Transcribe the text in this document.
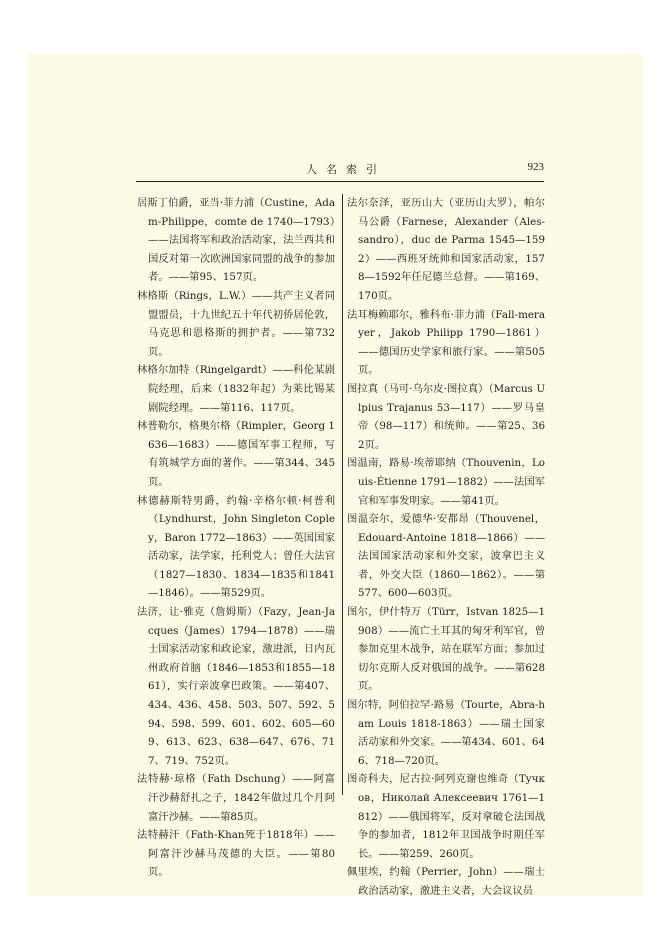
人名索引	923

居斯丁伯爵，亚当·菲力浦（Custine，Adam-Philippe，comte de 1740—1793）——法国将军和政治活动家，法兰西共和国反对第一次欧洲国家同盟的战争的参加者。——第95、157页。

林格斯（Rings，L.W.）——共产主义者同盟盟员，十九世纪五十年代初侨居伦敦，马克思和恩格斯的拥护者。——第732页。

林格尔加特（Ringelgardt）——科伦某剧院经理，后来（1832年起）为莱比锡某剧院经理。——第116、117页。

林普勒尔，格奥尔格（Rimpler，Georg 1636—1683）——德国军事工程师，写有筑城学方面的著作。——第344、345页。

林德赫斯特男爵，约翰·辛格尔顿·柯普利（Lyndhurst，John Singleton Copley，Baron 1772—1863）——英国国家活动家，法学家，托利党人；曾任大法官（1827—1830、1834—1835和1841—1846）。——第529页。

法济，让·雅克（詹姆斯）（Fazy，Jean-Jacques（James）1794—1878）——瑞士国家活动家和政论家，激进派，日内瓦州政府首脑（1846—1853和1855—1861），实行亲波拿巴政策。——第407、434、436、458、503、507、592、594、598、599、601、602、605—609、613、623、638—647、676、717、719、752页。

法特赫·琼格（Fath Dschung）——阿富汗沙赫舒扎之子，1842年做过几个月阿富汗沙赫。——第85页。

法特赫汗（Fath-Khan死于1818年）——阿富汗沙赫马茂德的大臣。——第80页。

法尔奈泽，亚历山大（亚历山大罗），帕尔马公爵（Farnese，Alexander（Ales-sandro），duc de Parma 1545—1592）——西班牙统帅和国家活动家，1578—1592年任尼德兰总督。——第169、170页。

法耳梅赖耶尔，雅科布·菲力浦（Fall-merayer，Jakob Philipp 1790—1861）——德国历史学家和旅行家。——第505页。

图拉真（马可·乌尔皮·图拉真）（Marcus Ulpius Trajanus 53—117）——罗马皇帝（98—117）和统帅。——第25、362页。

图温南，路易·埃蒂耶纳（Thouvenin，Louis-Étienne 1791—1882）——法国军官和军事发明家。——第41页。

图温奈尔，爱德华·安都昂（Thouvenel，Edouard-Antoine 1818—1866）——法国国家活动家和外交家，波拿巴主义者，外交大臣（1860—1862）。——第577、600—603页。

图尔，伊什特万（Türr，Istvan 1825—1908）——流亡土耳其的匈牙利军官，曾参加克里木战争，站在联军方面；参加过切尔克斯人反对俄国的战争。——第628页。

图尔特，阿伯拉罕·路易（Tourte，Abra-ham Louis 1818-1863）——瑞士国家活动家和外交家。——第434、601、646、718—720页。

图奇科夫，尼古拉·阿列克谢也维奇（Тучков，Николай Алексеевич 1761—1812）——俄国将军，反对拿破仑法国战争的参加者，1812年卫国战争时期任军长。——第259、260页。

佩里埃，约翰（Perrier，John）——瑞士政治活动家，激进主义者，大会议议员
